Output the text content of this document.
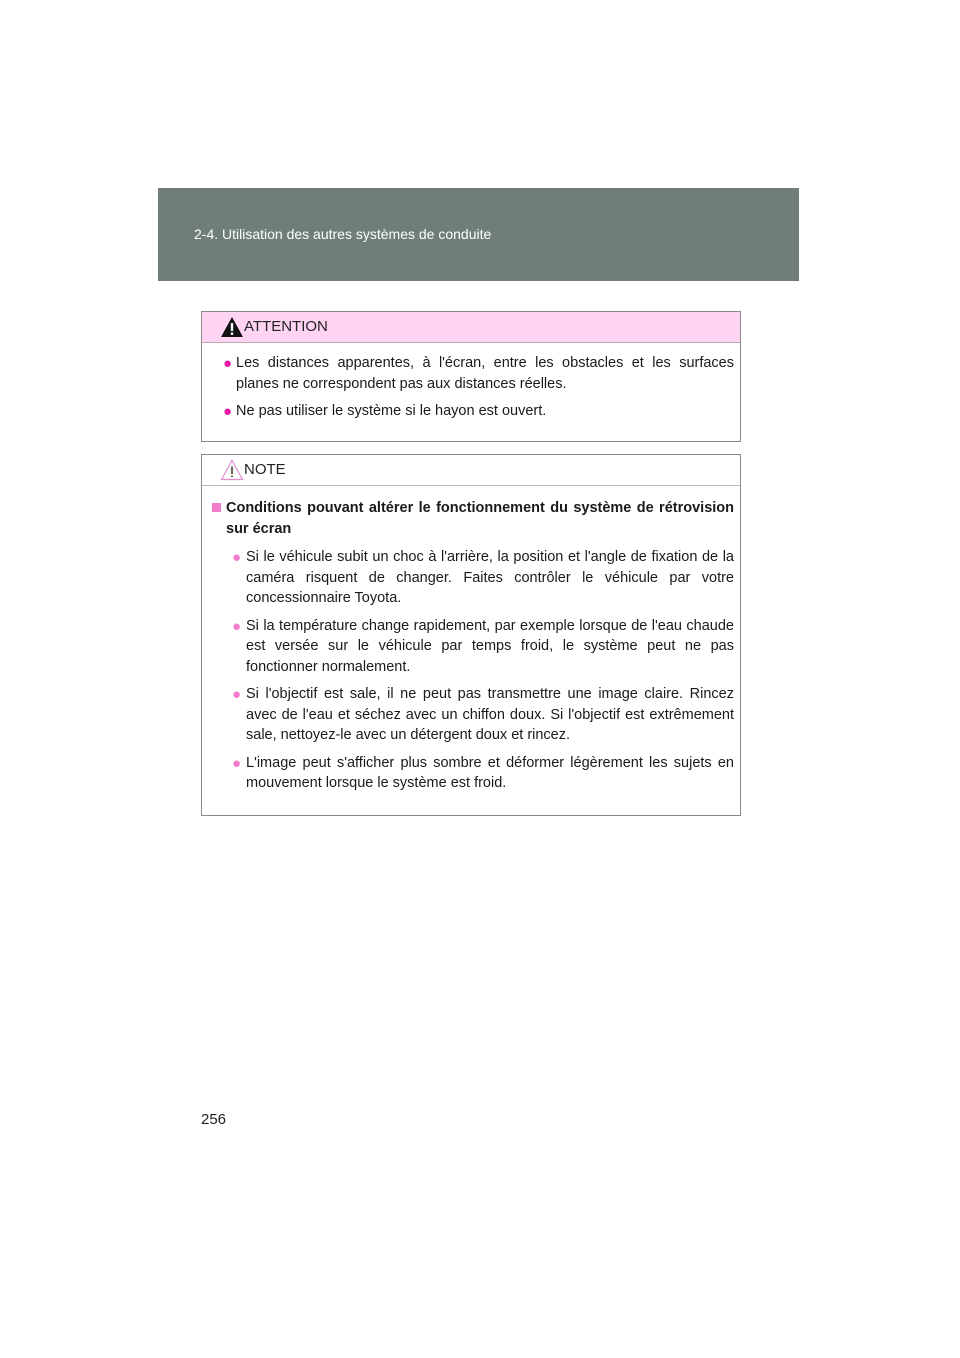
2-4. Utilisation des autres systèmes de conduite
ATTENTION
● Les distances apparentes, à l'écran, entre les obstacles et les surfaces planes ne correspondent pas aux distances réelles.
● Ne pas utiliser le système si le hayon est ouvert.
NOTE
Conditions pouvant altérer le fonctionnement du système de rétrovision sur écran
● Si le véhicule subit un choc à l'arrière, la position et l'angle de fixation de la caméra risquent de changer. Faites contrôler le véhicule par votre concessionnaire Toyota.
● Si la température change rapidement, par exemple lorsque de l'eau chaude est versée sur le véhicule par temps froid, le système peut ne pas fonctionner normalement.
● Si l'objectif est sale, il ne peut pas transmettre une image claire. Rincez avec de l'eau et séchez avec un chiffon doux. Si l'objectif est extrêmement sale, nettoyez-le avec un détergent doux et rincez.
● L'image peut s'afficher plus sombre et déformer légèrement les sujets en mouvement lorsque le système est froid.
256
